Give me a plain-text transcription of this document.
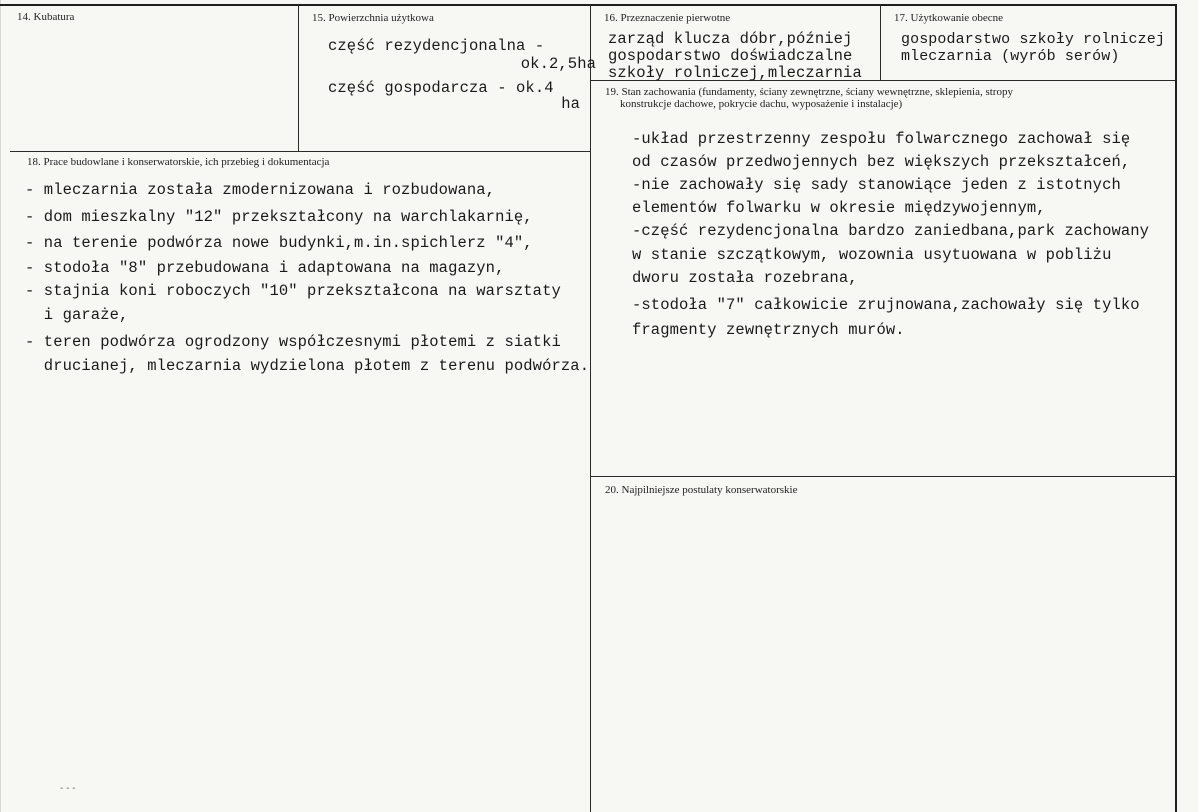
14. Kubatura	15. Powierzchnia użytkowa
część rezydencjonalna -
ok.2,5ha
część gospodarcza - ok.4
ha
16. Przeznaczenie pierwotne
zarząd klucza dóbr,później
gospodarstwo doświadczalne
szkoły rolniczej,mleczarnia
17. Użytkowanie obecne
gospodarstwo szkoły rolniczej
mleczarnia (wyrób serów)
19. Stan zachowania (fundamenty, ściany zewnętrzne, ściany wewnętrzne, sklepienia, stropy
konstrukcje dachowe, pokrycie dachu, wyposażenie i instalacje)
-układ przestrzenny zespołu folwarcznego zachował się
od czasów przedwojennych bez większych przekształceń,
-nie zachowały się sady stanowiące jeden z istotnych
elementów folwarku w okresie międzywojennym,
-część rezydencjonalna bardzo zaniedbana,park zachowany
w stanie szczątkowym, wozownia usytuowana w pobliżu
dworu została rozebrana,
-stodoła "7" całkowicie zrujnowana,zachowały się tylko
fragmenty zewnętrznych murów.
18. Prace budowlane i konserwatorskie, ich przebieg i dokumentacja
- mleczarnia została zmodernizowana i rozbudowana,
- dom mieszkalny "12" przekształcony na warchlakarnię,
- na terenie podwórza nowe budynki,m.in.spichlerz "4",
- stodoła "8" przebudowana i adaptowana na magazyn,
- stajnia koni roboczych "10" przekształcona na warsztaty
i garaże,
- teren podwórza ogrodzony współczesnymi płotemi z siatki
drucianej, mleczarnia wydzielona płotem z terenu podwórza.
20. Najpilniejsze postulaty konserwatorskie
- - -
